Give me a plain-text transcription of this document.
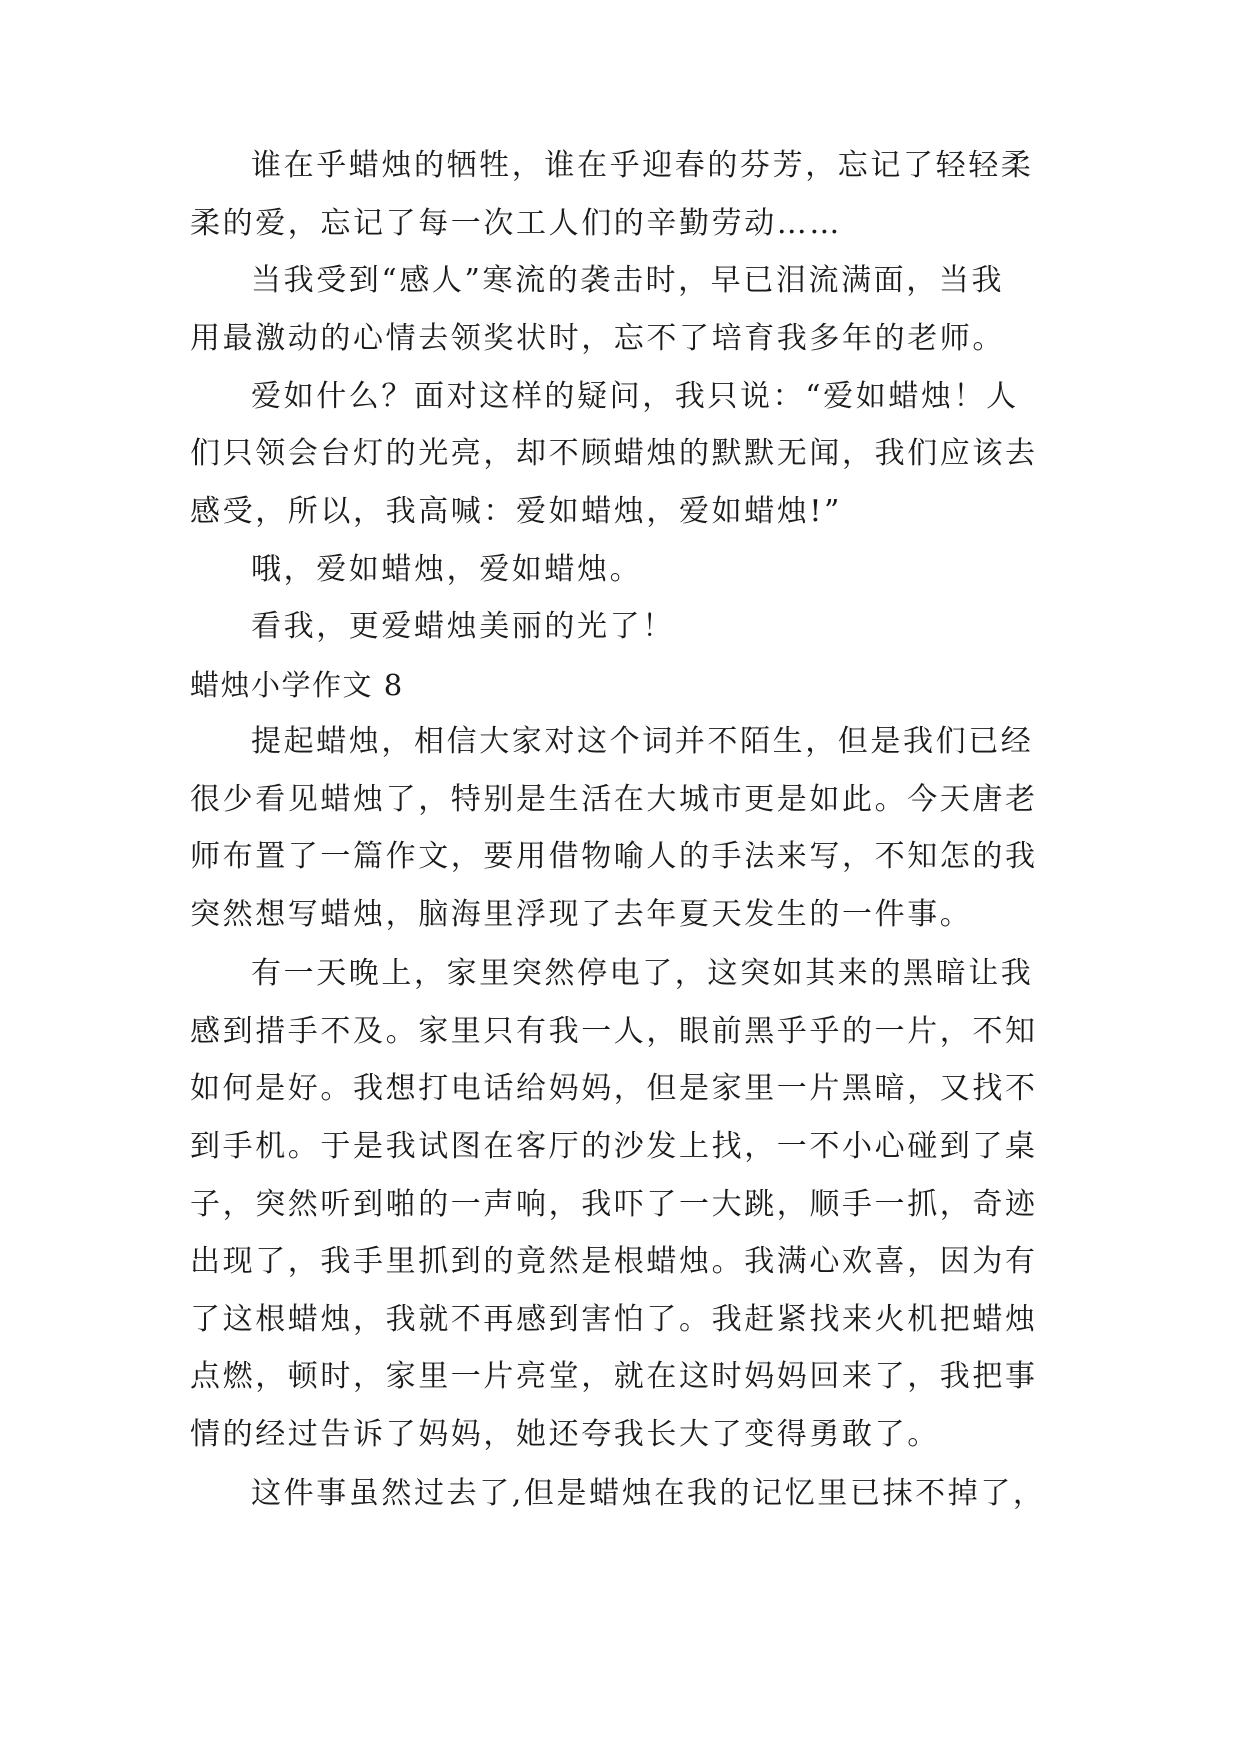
谁在乎蜡烛的牺牲，谁在乎迎春的芬芳，忘记了轻轻柔
柔的爱，忘记了每一次工人们的辛勤劳动……
当我受到“感人”寒流的袭击时，早已泪流满面，当我
用最激动的心情去领奖状时，忘不了培育我多年的老师。
爱如什么？面对这样的疑问，我只说：“爱如蜡烛！人
们只领会台灯的光亮，却不顾蜡烛的默默无闻，我们应该去
感受，所以，我高喊：爱如蜡烛，爱如蜡烛!”
哦，爱如蜡烛，爱如蜡烛。
看我，更爱蜡烛美丽的光了！
蜡烛小学作文 8
提起蜡烛，相信大家对这个词并不陌生，但是我们已经
很少看见蜡烛了，特别是生活在大城市更是如此。今天唐老
师布置了一篇作文，要用借物喻人的手法来写，不知怎的我
突然想写蜡烛，脑海里浮现了去年夏天发生的一件事。
有一天晚上，家里突然停电了，这突如其来的黑暗让我
感到措手不及。家里只有我一人，眼前黑乎乎的一片，不知
如何是好。我想打电话给妈妈，但是家里一片黑暗，又找不
到手机。于是我试图在客厅的沙发上找，一不小心碰到了桌
子，突然听到啪的一声响，我吓了一大跳，顺手一抓，奇迹
出现了，我手里抓到的竟然是根蜡烛。我满心欢喜，因为有
了这根蜡烛，我就不再感到害怕了。我赶紧找来火机把蜡烛
点燃，顿时，家里一片亮堂，就在这时妈妈回来了，我把事
情的经过告诉了妈妈，她还夸我长大了变得勇敢了。
这件事虽然过去了,但是蜡烛在我的记忆里已抹不掉了，
